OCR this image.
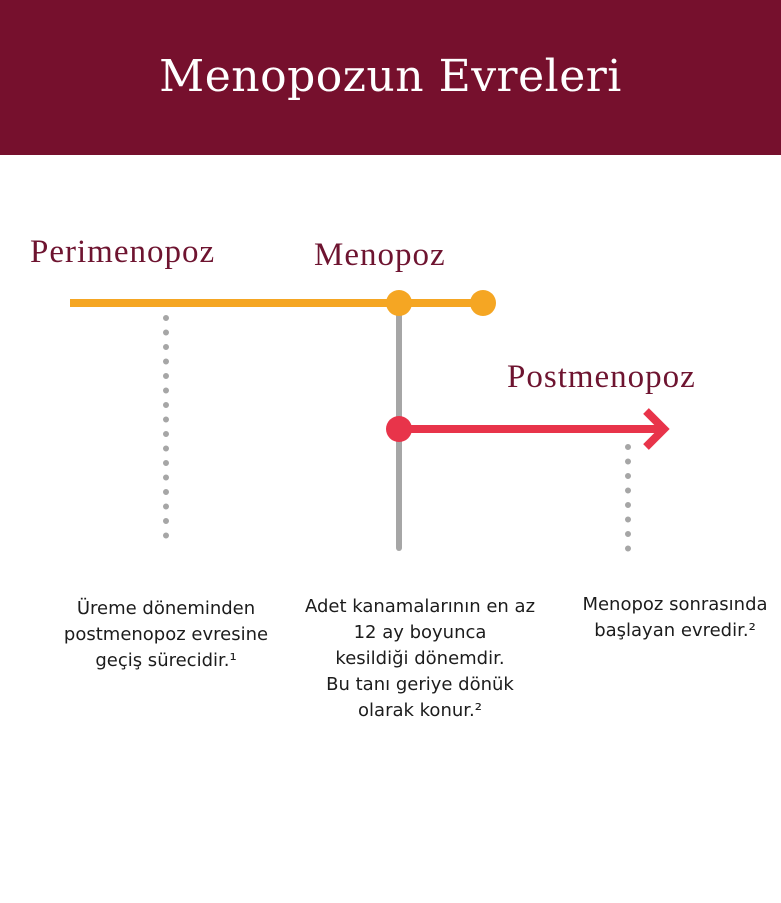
Menopozun Evreleri
Perimenopoz	Menopoz
Postmenopoz
Üreme döneminden
postmenopoz evresine
geçiş sürecidir.¹
Adet kanamalarının en az
12 ay boyunca
kesildiği dönemdir.
Bu tanı geriye dönük
olarak konur.²
Menopoz sonrasında
başlayan evredir.²
